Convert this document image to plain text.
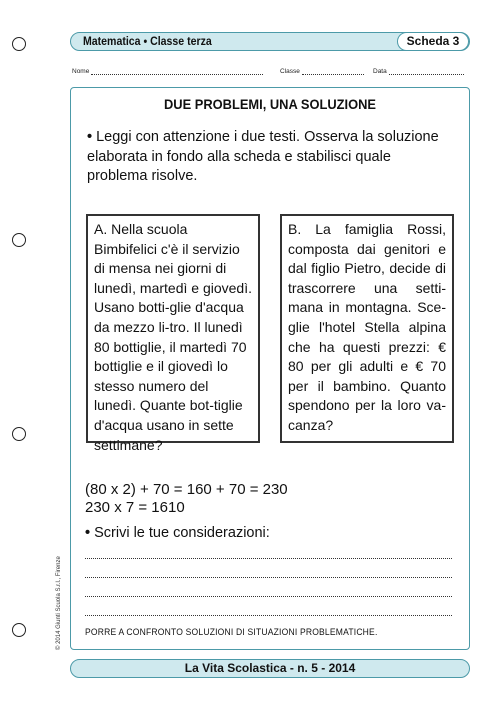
Matematica • Classe terza	Scheda 3
Nome	Classe	Data
DUE PROBLEMI, UNA SOLUZIONE
• Leggi con attenzione i due testi. Osserva la soluzione elaborata in fondo alla scheda e stabilisci quale problema risolve.
A. Nella scuola Bimbifelici c'è il servizio di mensa nei giorni di lunedì, martedì e giovedì. Usano botti-glie d'acqua da mezzo li-tro. Il lunedì 80 bottiglie, il martedì 70 bottiglie e il giovedì lo stesso numero del lunedì. Quante bot-tiglie d'acqua usano in sette settimane?
B. La famiglia Rossi, composta dai genitori e dal figlio Pietro, decide di trascorrere una setti-mana in montagna. Sce-glie l'hotel Stella alpina che ha questi prezzi: € 80 per gli adulti e € 70 per il bambino. Quanto spendono per la loro va-canza?
(80 x 2) + 70 = 160 + 70 = 230
230 x 7 = 1610
• Scrivi le tue considerazioni:
PORRE A CONFRONTO SOLUZIONI DI SITUAZIONI PROBLEMATICHE.
© 2014 Giunti Scuola S.r.l., Firenze
La Vita Scolastica - n. 5 - 2014
